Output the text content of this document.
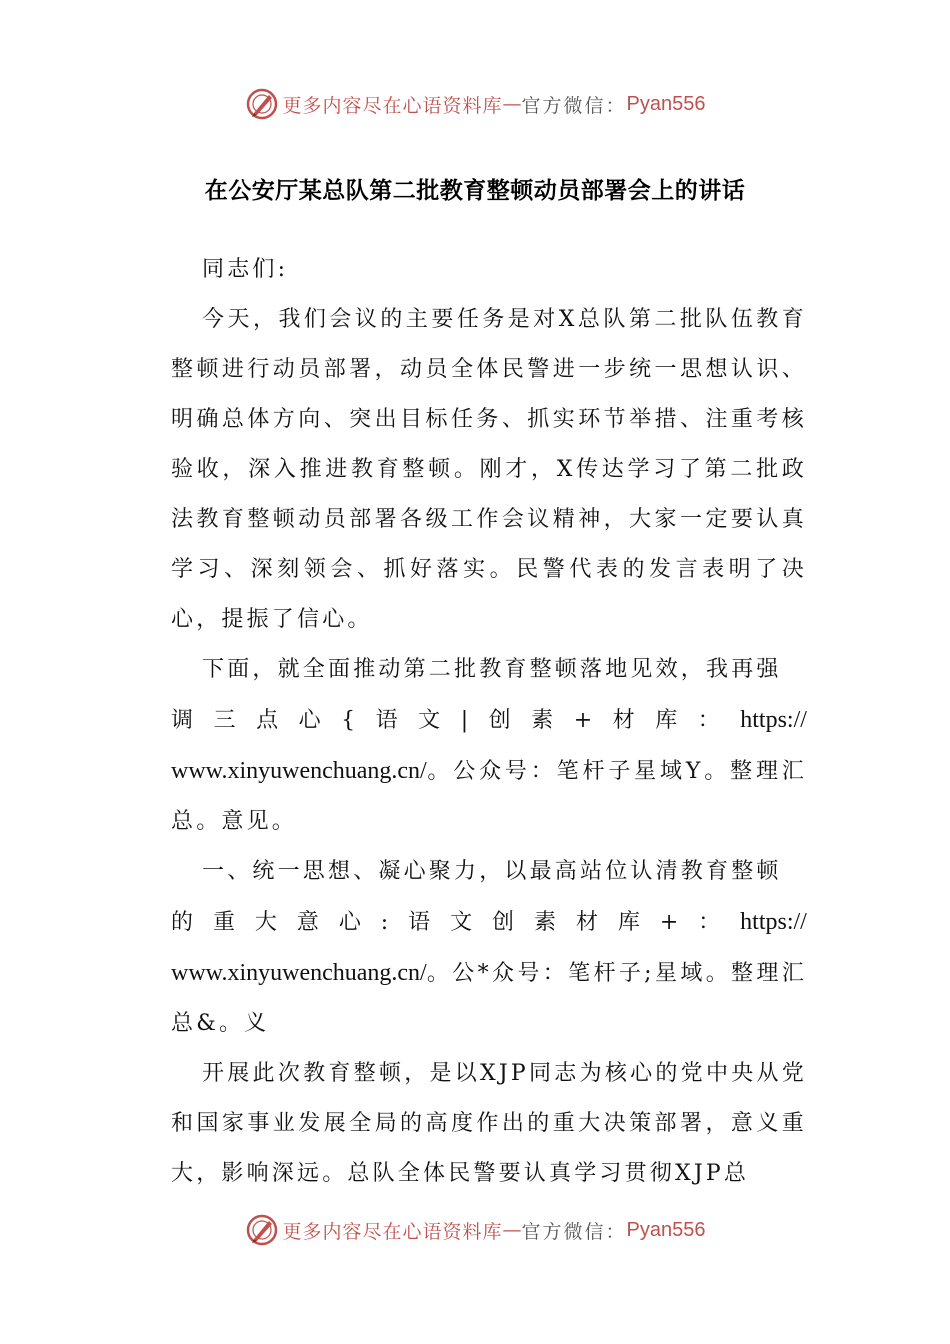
更多内容尽在心语资料库 — 官方微信： Pyan556
在公安厅某总队第二批教育整顿动员部署会上的讲话

同志们:

今天，我们会议的主要任务是对X总队第二批队伍教育整顿进行动员部署，动员全体民警进一步统一思想认识、明确总体方向、突出目标任务、抓实环节举措、注重考核验收，深入推进教育整顿。刚才，X传达学习了第二批政法教育整顿动员部署各级工作会议精神，大家一定要认真学习、深刻领会、抓好落实。民警代表的发言表明了决心，提振了信心。

下面，就全面推动第二批教育整顿落地见效，我再强

调 三 点 心 { 语 文 | 创 素 + 材 库 ： https://

www.xinyuwenchuang.cn/。公众号：笔杆子星域Y。整理汇总。意见。

一、统一思想、凝心聚力，以最高站位认清教育整顿

的 重 大 意 心 : 语 文 创 素 材 库 + ： https://

www.xinyuwenchuang.cn/。公*众号：笔杆子;星域。整理汇总&。义

开展此次教育整顿，是以XJP同志为核心的党中央从党和国家事业发展全局的高度作出的重大决策部署，意义重大，影响深远。总队全体民警要认真学习贯彻XJP总

更多内容尽在心语资料库 — 官方微信： Pyan556
